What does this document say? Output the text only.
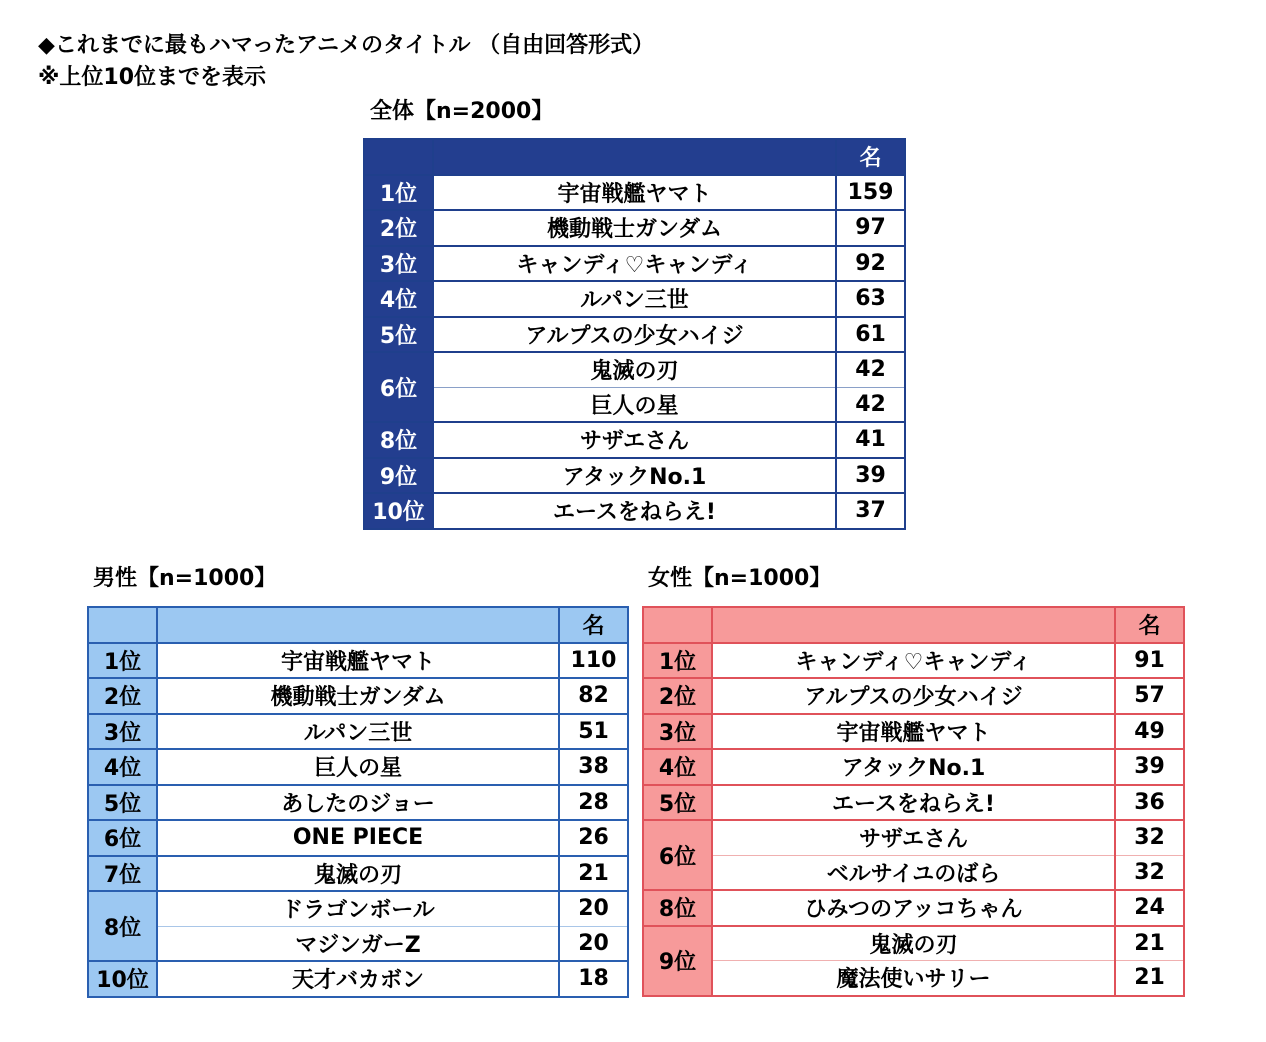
◆これまでに最もハマったアニメのタイトル （自由回答形式）
※上位10位までを表示
全体【n=2000】
		名
1位	宇宙戦艦ヤマト	159
2位	機動戦士ガンダム	97
3位	キャンディ♡キャンディ	92
4位	ルパン三世	63
5位	アルプスの少女ハイジ	61
6位	鬼滅の刃	42
	巨人の星	42
8位	サザエさん	41
9位	アタックNo.1	39
10位	エースをねらえ!	37
男性【n=1000】
		名
1位	宇宙戦艦ヤマト	110
2位	機動戦士ガンダム	82
3位	ルパン三世	51
4位	巨人の星	38
5位	あしたのジョー	28
6位	ONE PIECE	26
7位	鬼滅の刃	21
8位	ドラゴンボール	20
	マジンガーZ	20
10位	天才バカボン	18
女性【n=1000】
		名
1位	キャンディ♡キャンディ	91
2位	アルプスの少女ハイジ	57
3位	宇宙戦艦ヤマト	49
4位	アタックNo.1	39
5位	エースをねらえ!	36
6位	サザエさん	32
	ベルサイユのばら	32
8位	ひみつのアッコちゃん	24
9位	鬼滅の刃	21
	魔法使いサリー	21
